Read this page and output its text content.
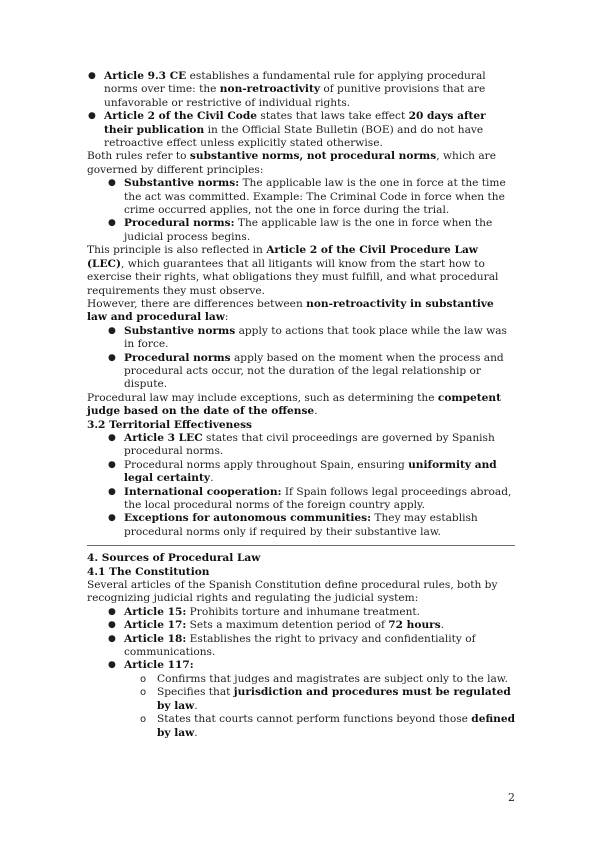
● Article 9.3 CE establishes a fundamental rule for applying procedural norms over time: the non-retroactivity of punitive provisions that are unfavorable or restrictive of individual rights.
● Article 2 of the Civil Code states that laws take effect 20 days after their publication in the Official State Bulletin (BOE) and do not have retroactive effect unless explicitly stated otherwise.

Both rules refer to substantive norms, not procedural norms, which are governed by different principles:

● Substantive norms: The applicable law is the one in force at the time the act was committed. Example: The Criminal Code in force when the crime occurred applies, not the one in force during the trial.
● Procedural norms: The applicable law is the one in force when the judicial process begins.

This principle is also reflected in Article 2 of the Civil Procedure Law (LEC), which guarantees that all litigants will know from the start how to exercise their rights, what obligations they must fulfill, and what procedural requirements they must observe.

However, there are differences between non-retroactivity in substantive law and procedural law:

● Substantive norms apply to actions that took place while the law was in force.
● Procedural norms apply based on the moment when the process and procedural acts occur, not the duration of the legal relationship or dispute.

Procedural law may include exceptions, such as determining the competent judge based on the date of the offense.

3.2 Territorial Effectiveness

● Article 3 LEC states that civil proceedings are governed by Spanish procedural norms.
● Procedural norms apply throughout Spain, ensuring uniformity and legal certainty.
● International cooperation: If Spain follows legal proceedings abroad, the local procedural norms of the foreign country apply.
● Exceptions for autonomous communities: They may establish procedural norms only if required by their substantive law.

4. Sources of Procedural Law

4.1 The Constitution

Several articles of the Spanish Constitution define procedural rules, both by recognizing judicial rights and regulating the judicial system:

● Article 15: Prohibits torture and inhumane treatment.
● Article 17: Sets a maximum detention period of 72 hours.
● Article 18: Establishes the right to privacy and confidentiality of communications.
● Article 117:
o Confirms that judges and magistrates are subject only to the law.
o Specifies that jurisdiction and procedures must be regulated by law.
o States that courts cannot perform functions beyond those defined by law.
2
